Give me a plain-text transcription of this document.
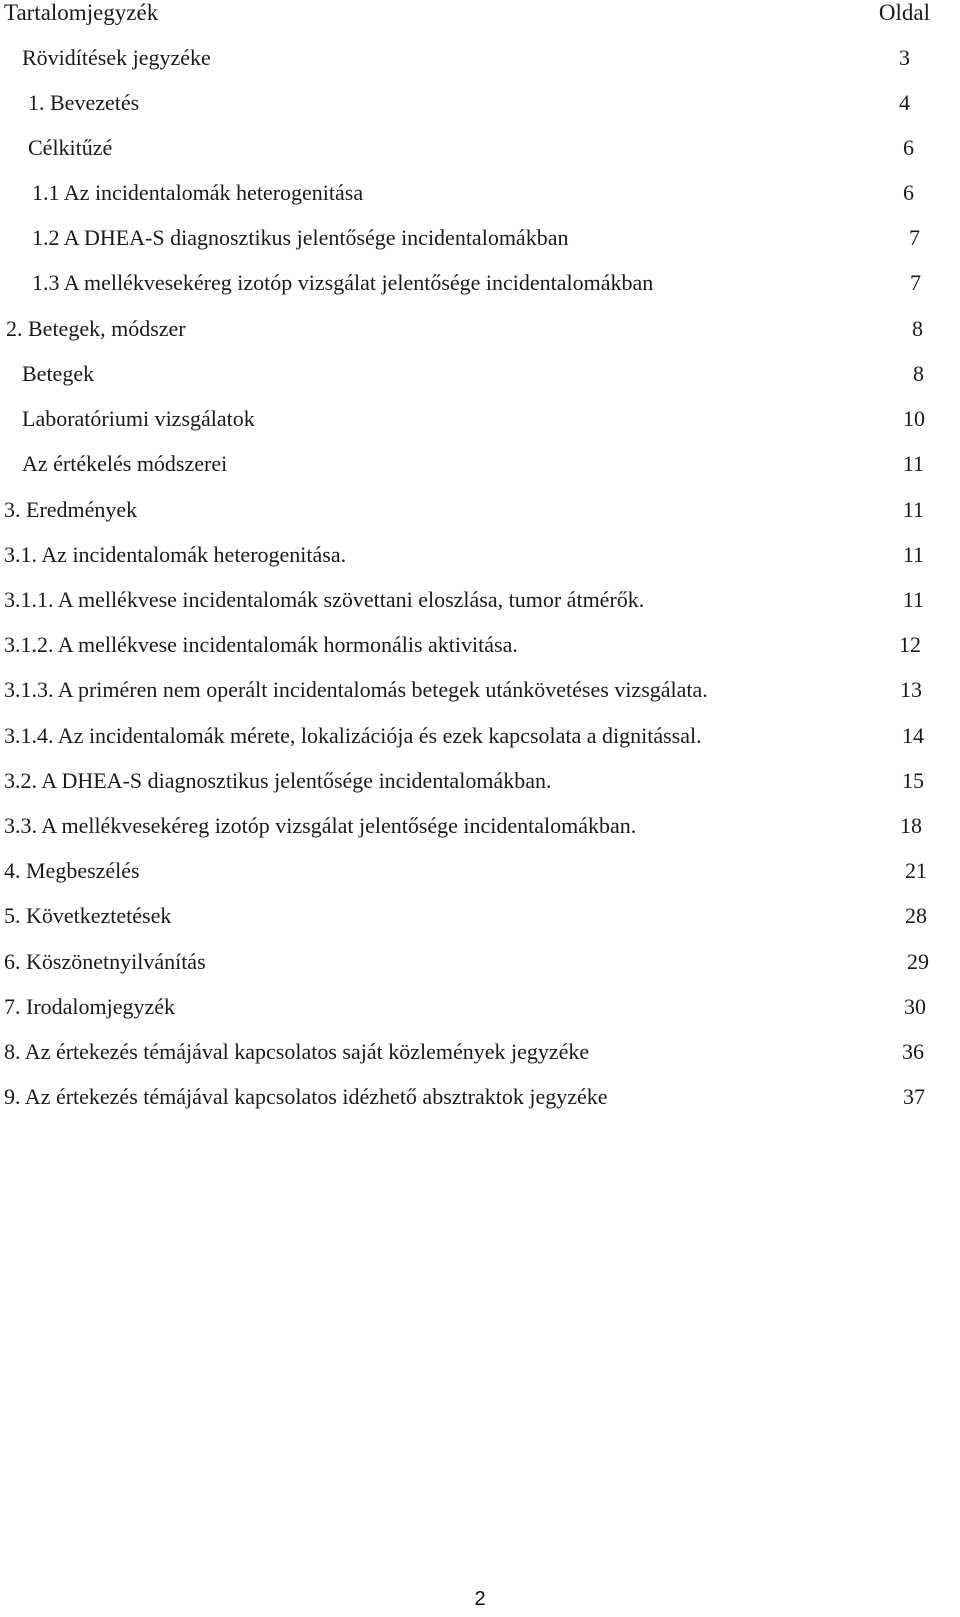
Tartalomjegyzék	Oldal
Rövidítések jegyzéke	3
1. Bevezetés	4
Célkitűzé	6
1.1 Az incidentalomák heterogenitása	6
1.2 A DHEA-S diagnosztikus jelentősége incidentalomákban	7
1.3 A mellékvesekéreg izotóp vizsgálat jelentősége incidentalomákban	7
2. Betegek, módszer	8
Betegek	8
Laboratóriumi vizsgálatok	10
Az értékelés módszerei	11
3. Eredmények	11
3.1. Az incidentalomák heterogenitása.	11
3.1.1. A mellékvese incidentalomák szövettani eloszlása, tumor átmérők.	11
3.1.2. A mellékvese incidentalomák hormonális aktivitása.	12
3.1.3. A priméren nem operált incidentalomás betegek utánkövetéses vizsgálata.	13
3.1.4. Az incidentalomák mérete, lokalizációja és ezek kapcsolata a dignitással.	14
3.2. A DHEA-S diagnosztikus jelentősége incidentalomákban.	15
3.3. A mellékvesekéreg izotóp vizsgálat jelentősége incidentalomákban.	18
4. Megbeszélés	21
5. Következtetések	28
6. Köszönetnyilvánítás	29
7. Irodalomjegyzék	30
8. Az értekezés témájával kapcsolatos saját közlemények jegyzéke	36
9. Az értekezés témájával kapcsolatos idézhető absztraktok jegyzéke	37
2
